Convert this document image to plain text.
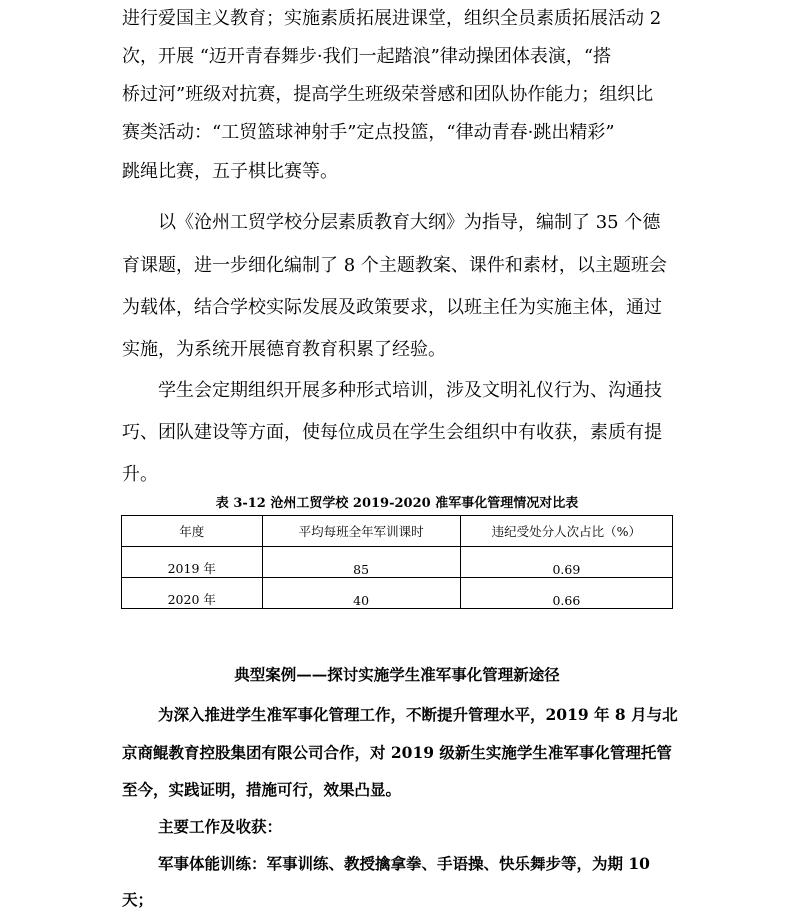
进行爱国主义教育；实施素质拓展进课堂，组织全员素质拓展活动 2
次，开展 “迈开青春舞步·我们一起踏浪”律动操团体表演，“搭
桥过河”班级对抗赛，提高学生班级荣誉感和团队协作能力；组织比
赛类活动：“工贸篮球神射手”定点投篮，“律动青春·跳出精彩”
跳绳比赛，五子棋比赛等。
以《沧州工贸学校分层素质教育大纲》为指导，编制了 35 个德
育课题，进一步细化编制了 8 个主题教案、课件和素材，以主题班会
为载体，结合学校实际发展及政策要求，以班主任为实施主体，通过
实施，为系统开展德育教育积累了经验。
学生会定期组织开展多种形式培训，涉及文明礼仪行为、沟通技
巧、团队建设等方面，使每位成员在学生会组织中有收获，素质有提
升。
表 3-12 沧州工贸学校 2019-2020 准军事化管理情况对比表
年度	平均每班全年军训课时	违纪受处分人次占比（%）
2019 年	85	0.69
2020 年	40	0.66
典型案例——探讨实施学生准军事化管理新途径
为深入推进学生准军事化管理工作，不断提升管理水平，2019 年 8 月与北
京商鲲教育控股集团有限公司合作，对 2019 级新生实施学生准军事化管理托管
至今，实践证明，措施可行，效果凸显。
主要工作及收获：
军事体能训练：军事训练、教授擒拿拳、手语操、快乐舞步等，为期 10
天；
